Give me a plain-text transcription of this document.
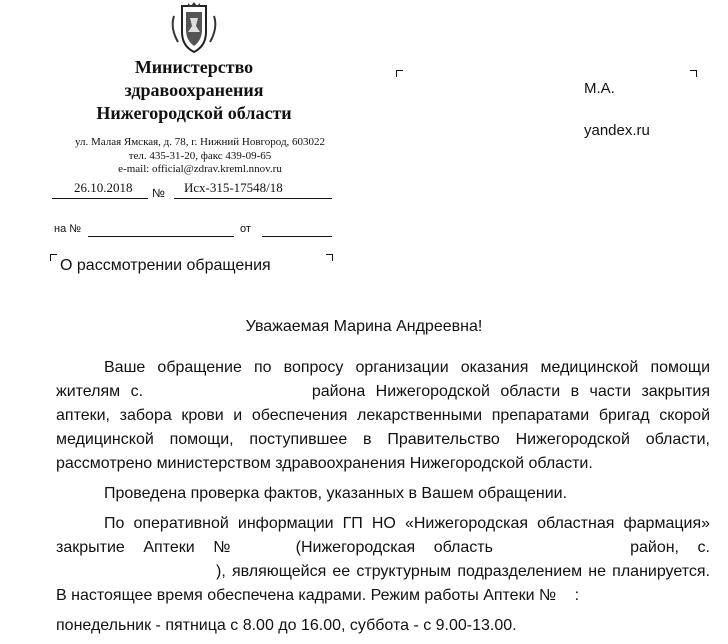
Министерство
здравоохранения
Нижегородской области
ул. Малая Ямская, д. 78, г. Нижний Новгород, 603022
тел. 435-31-20, факс 439-09-65
e-mail: official@zdrav.kreml.nnov.ru
26.10.2018 № Исх-315-17548/18
на №	от
О рассмотрении обращения
М.А.
yandex.ru
Уважаемая Марина Андреевна!

Ваше обращение по вопросу организации оказания медицинской помощи жителям с.	района Нижегородской области в части закрытия аптеки, забора крови и обеспечения лекарственными препаратами бригад скорой медицинской помощи, поступившее в Правительство Нижегородской области, рассмотрено министерством здравоохранения Нижегородской области.

Проведена проверка фактов, указанных в Вашем обращении.

По оперативной информации ГП НО «Нижегородская областная фармация» закрытие Аптеки №	(Нижегородская область	район, с. ), являющейся ее структурным подразделением не планируется. В настоящее время обеспечена кадрами. Режим работы Аптеки № :

понедельник - пятница с 8.00 до 16.00, суббота - с 9.00-13.00.
